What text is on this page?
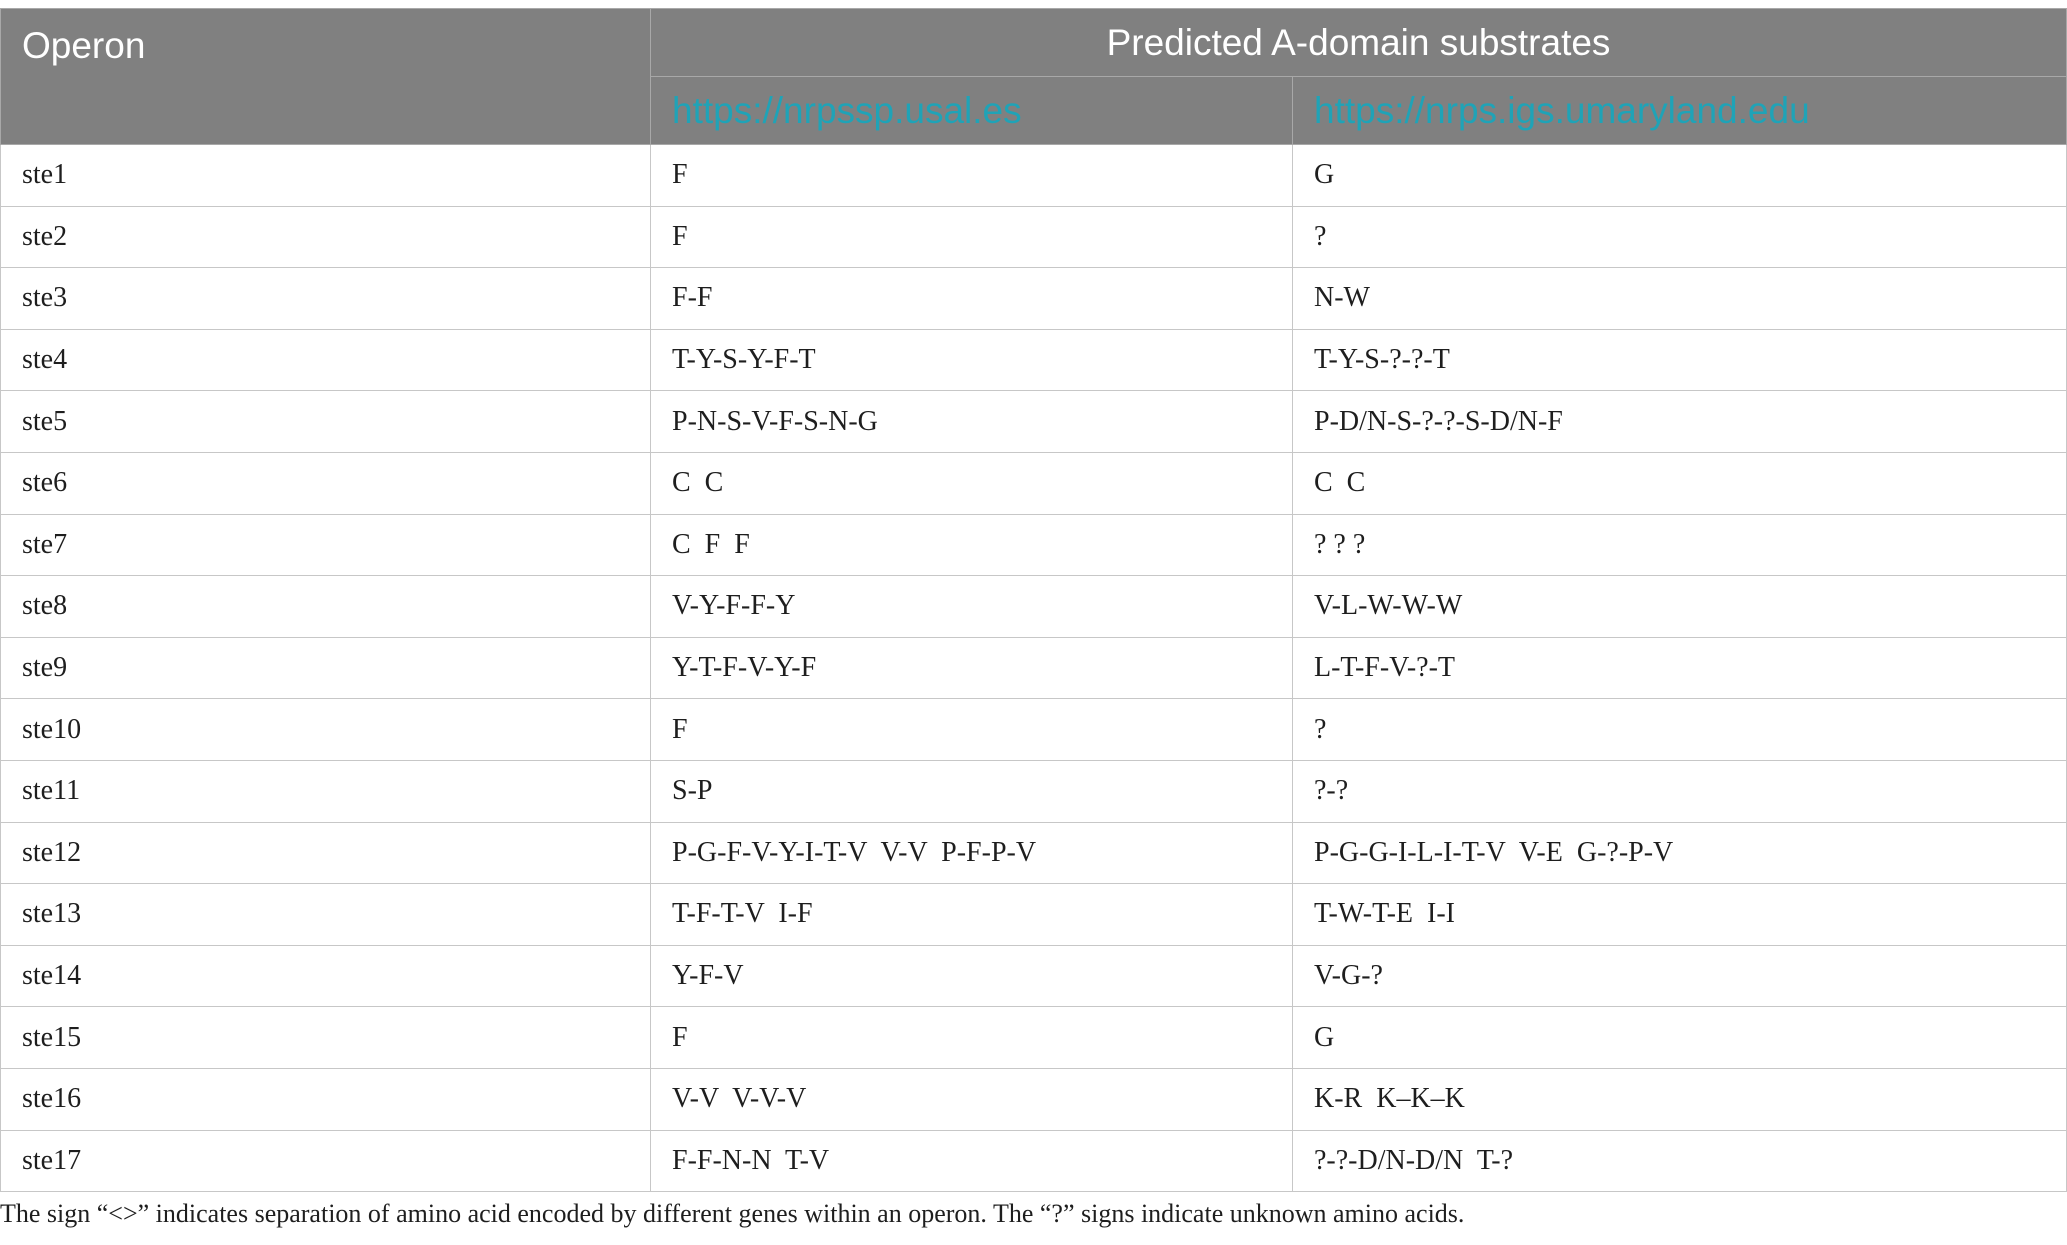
Operon	Predicted A-domain substrates	
	https://nrpssp.usal.es	https://nrps.igs.umaryland.edu
ste1	F	G
ste2	F	?
ste3	F-F	N-W
ste4	T-Y-S-Y-F-T	T-Y-S-?-?-T
ste5	P-N-S-V-F-S-N-G	P-D/N-S-?-?-S-D/N-F
ste6	C  C	C  C
ste7	C  F  F	? ? ?
ste8	V-Y-F-F-Y	V-L-W-W-W
ste9	Y-T-F-V-Y-F	L-T-F-V-?-T
ste10	F	?
ste11	S-P	?-?
ste12	P-G-F-V-Y-I-T-V  V-V  P-F-P-V	P-G-G-I-L-I-T-V  V-E  G-?-P-V
ste13	T-F-T-V  I-F	T-W-T-E  I-I
ste14	Y-F-V	V-G-?
ste15	F	G
ste16	V-V  V-V-V	K-R  K–K–K
ste17	F-F-N-N  T-V	?-?-D/N-D/N  T-?
The sign “<>” indicates separation of amino acid encoded by different genes within an operon. The “?” signs indicate unknown amino acids.
